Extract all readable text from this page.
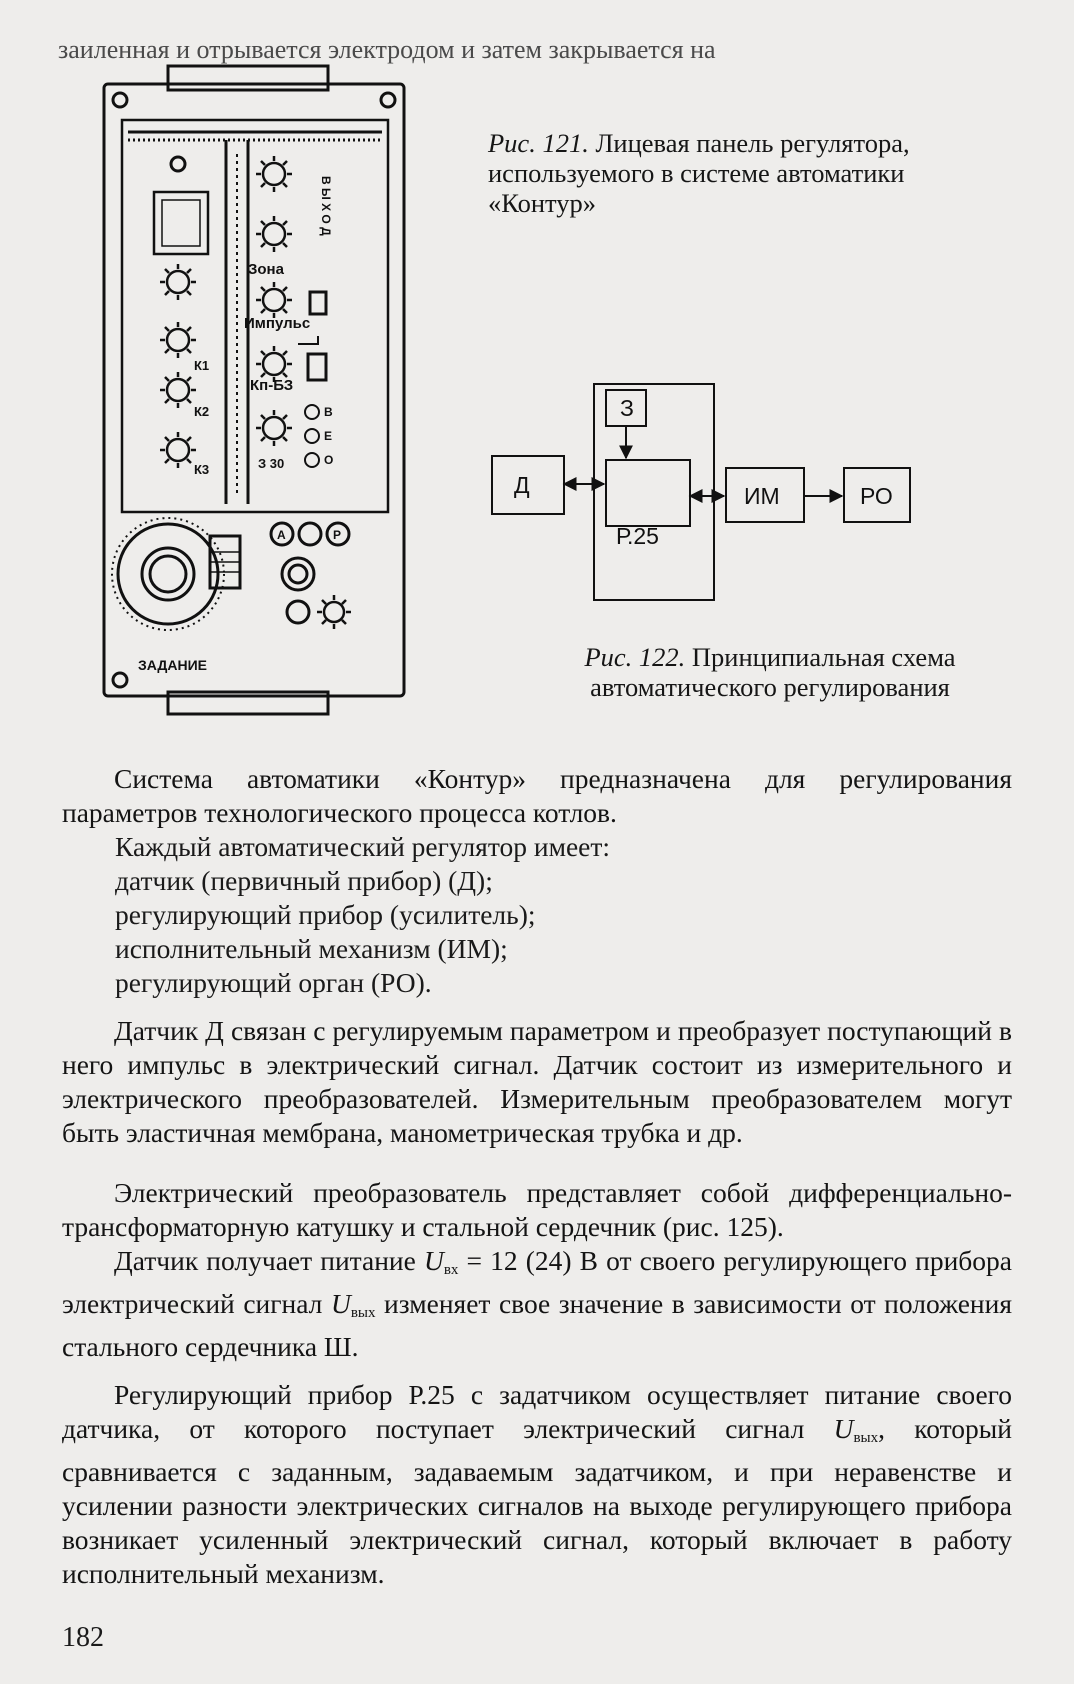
заиленная и отрывается электродом и затем закрывается на
Зона
Импульс
Кп-БЗ
ЗАДАНИЕ
К1
К2
К3	З 30
В
Е
О
А	Р
В Ы Х О Д
Рис. 121. Лицевая панель регулятора, используемого в системе автоматики «Контур»
Д
З
Р.25
ИМ	РО
Рис. 122. Принципиальная схема
автоматического регулирования
Система автоматики «Контур» предназначена для регулирования параметров технологического процесса котлов.
Каждый автоматический регулятор имеет:
датчик (первичный прибор) (Д);
регулирующий прибор (усилитель);
исполнительный механизм (ИМ);
регулирующий орган (РО).
Датчик Д связан с регулируемым параметром и преобразует поступающий в него импульс в электрический сигнал. Датчик состоит из измерительного и электрического преобразователей. Измерительным преобразователем могут быть эластичная мембрана, манометрическая трубка и др.
Электрический преобразователь представляет собой дифференциально-трансформаторную катушку и стальной сердечник (рис. 125).
Датчик получает питание $U_{вх} = 12$ (24) В от своего регулирующего прибора электрический сигнал $U_{вых}$ изменяет свое значение в зависимости от положения стального сердечника Ш.
Регулирующий прибор Р.25 с задатчиком осуществляет питание своего датчика, от которого поступает электрический сигнал $U_{вых}$, который сравнивается с заданным, задаваемым задатчиком, и при неравенстве и усилении разности электрических сигналов на выходе регулирующего прибора возникает усиленный электрический сигнал, который включает в работу исполнительный механизм.
182
